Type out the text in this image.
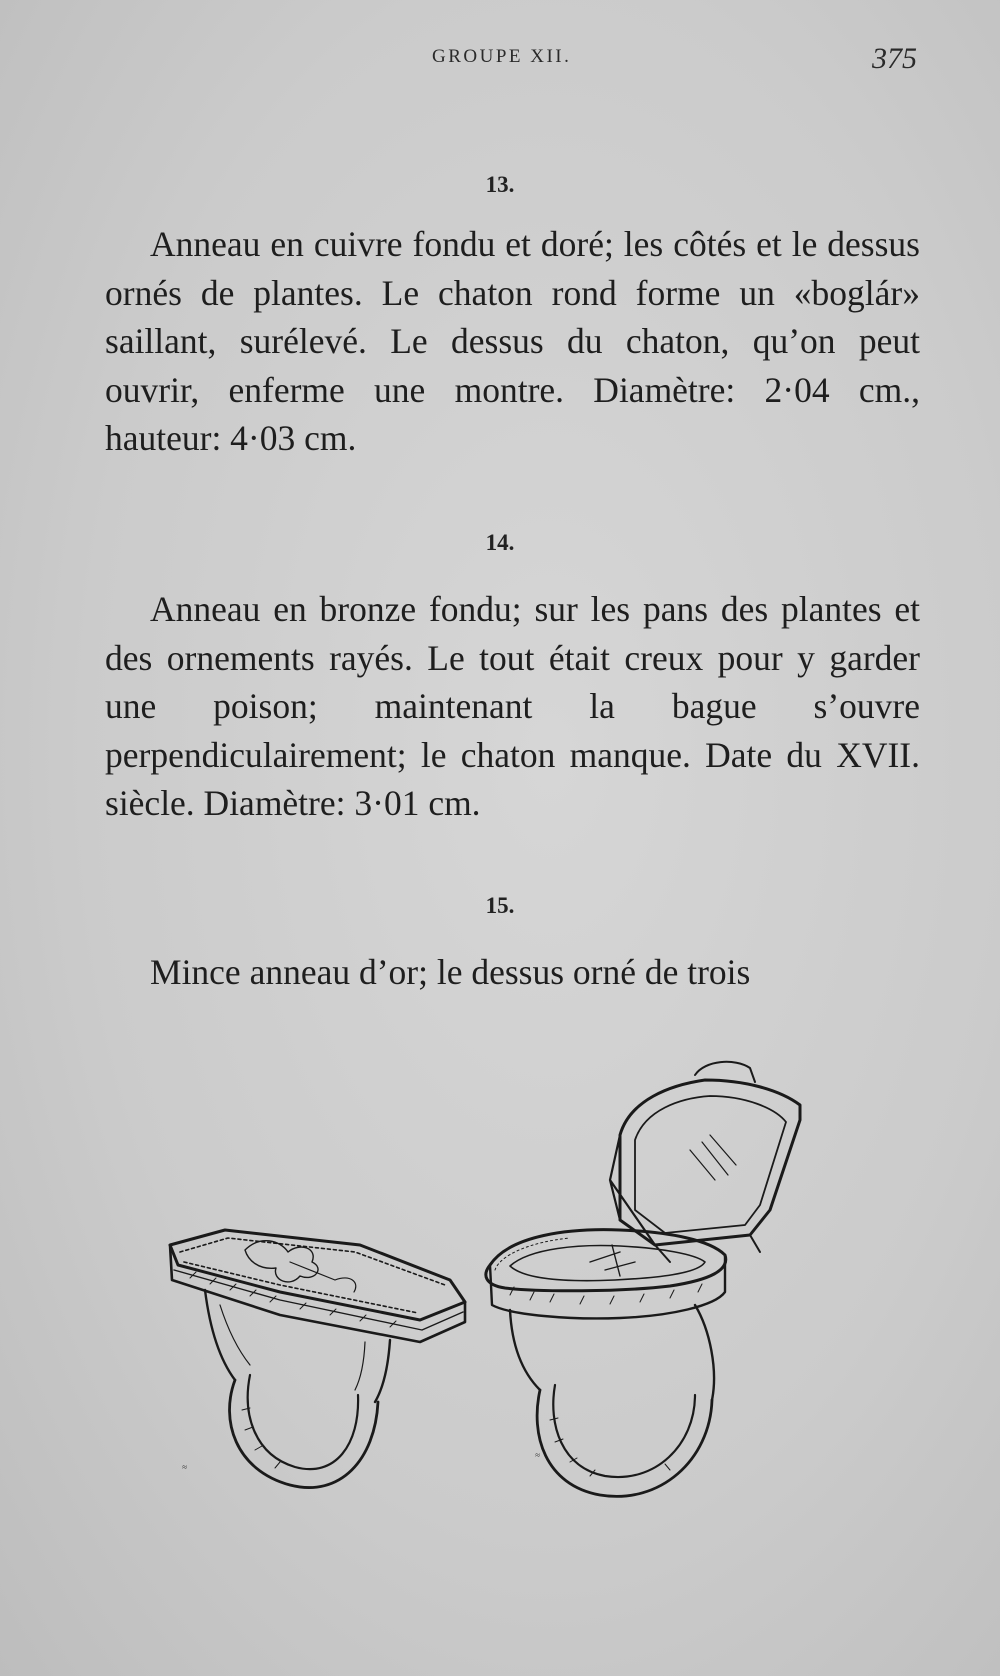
GROUPE XII.	375
13.

Anneau en cuivre fondu et doré; les côtés et le dessus ornés de plantes. Le chaton rond forme un «boglár» saillant, surélevé. Le dessus du chaton, qu’on peut ouvrir, enferme une montre. Diamètre: 2·04 cm., hauteur: 4·03 cm.

14.

Anneau en bronze fondu; sur les pans des plantes et des ornements rayés. Le tout était creux pour y garder une poison; maintenant la bague s’ouvre perpendiculairement; le chaton manque. Date du XVII. siècle. Diamètre: 3·01 cm.

15.

Mince anneau d’or; le dessus orné de trois

≈
≈
